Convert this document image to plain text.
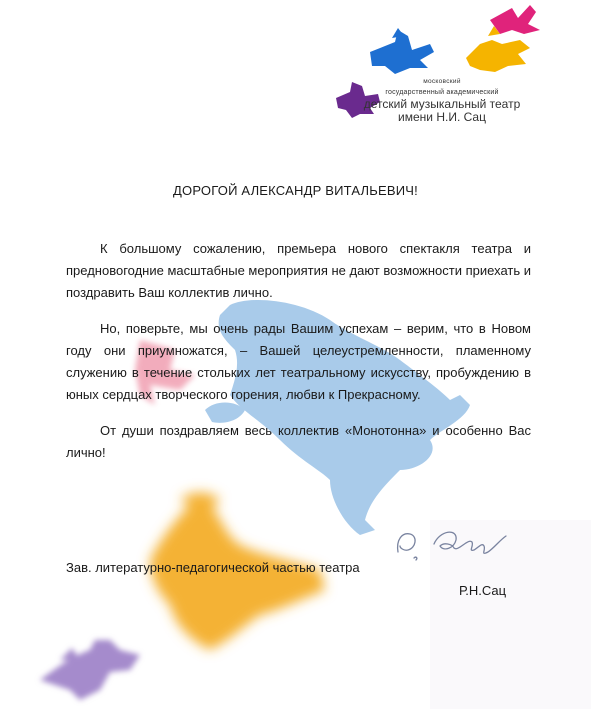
московский
государственный академический
детский музыкальный театр
имени Н.И. Сац
ДОРОГОЙ АЛЕКСАНДР ВИТАЛЬЕВИЧ!

К большому сожалению, премьера нового спектакля театра и предновогодние масштабные мероприятия не дают возможности приехать и поздравить Ваш коллектив лично.

Но, поверьте, мы очень рады Вашим успехам – верим, что в Новом году они приумножатся, – Вашей целеустремленности, пламенному служению в течение стольких лет театральному искусству, пробуждению в юных сердцах творческого горения, любви к Прекрасному.

От души поздравляем весь коллектив «Монотонна» и особенно Вас лично!

Зав. литературно-педагогической частью театра
Р.Н.Сац
